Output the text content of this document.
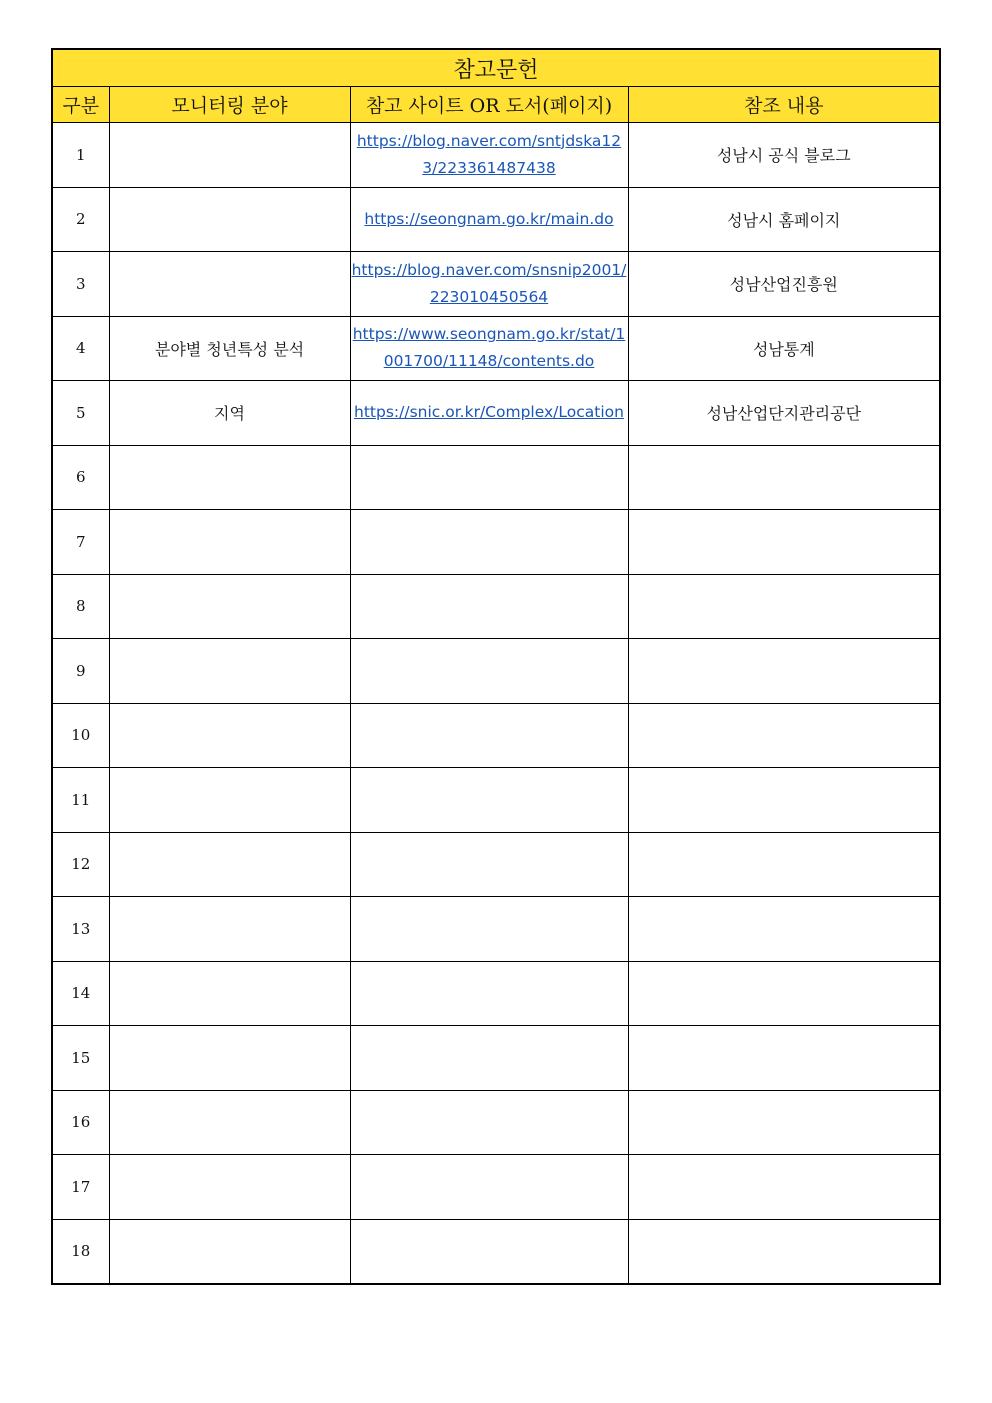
참고문헌			
구분	모니터링 분야	참고 사이트 OR 도서(페이지)	참조 내용
1		https://blog.naver.com/sntjdska123/223361487438	성남시 공식 블로그
2		https://seongnam.go.kr/main.do	성남시 홈페이지
3		https://blog.naver.com/snsnip2001/223010450564	성남산업진흥원
4	분야별 청년특성 분석	https://www.seongnam.go.kr/stat/1001700/11148/contents.do	성남통계
5	지역	https://snic.or.kr/Complex/Location	성남산업단지관리공단
6			
7			
8			
9			
10			
11			
12			
13			
14			
15			
16			
17			
18			
